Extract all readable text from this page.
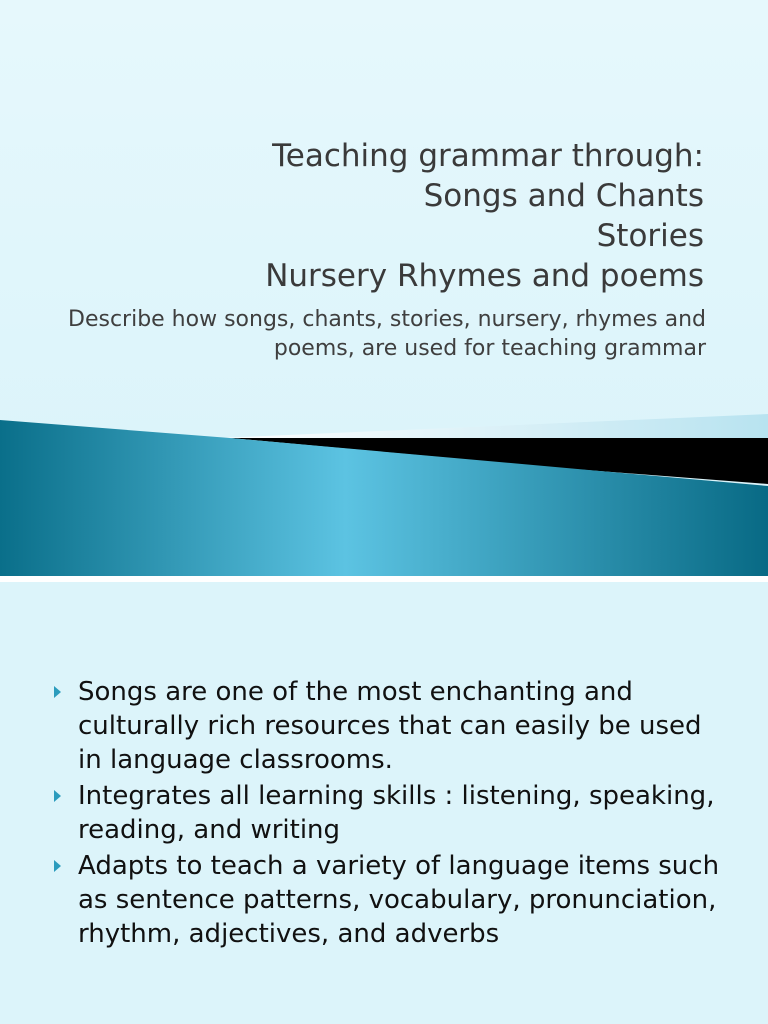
Teaching grammar through:
Songs and Chants
Stories
Nursery Rhymes and poems

Describe how songs, chants, stories, nursery, rhymes and poems, are used for teaching grammar

Songs are one of the most enchanting and culturally rich resources that can easily be used in language classrooms.
Integrates all learning skills : listening, speaking, reading, and writing
Adapts to teach a variety of language items such as sentence patterns, vocabulary, pronunciation, rhythm, adjectives, and adverbs
